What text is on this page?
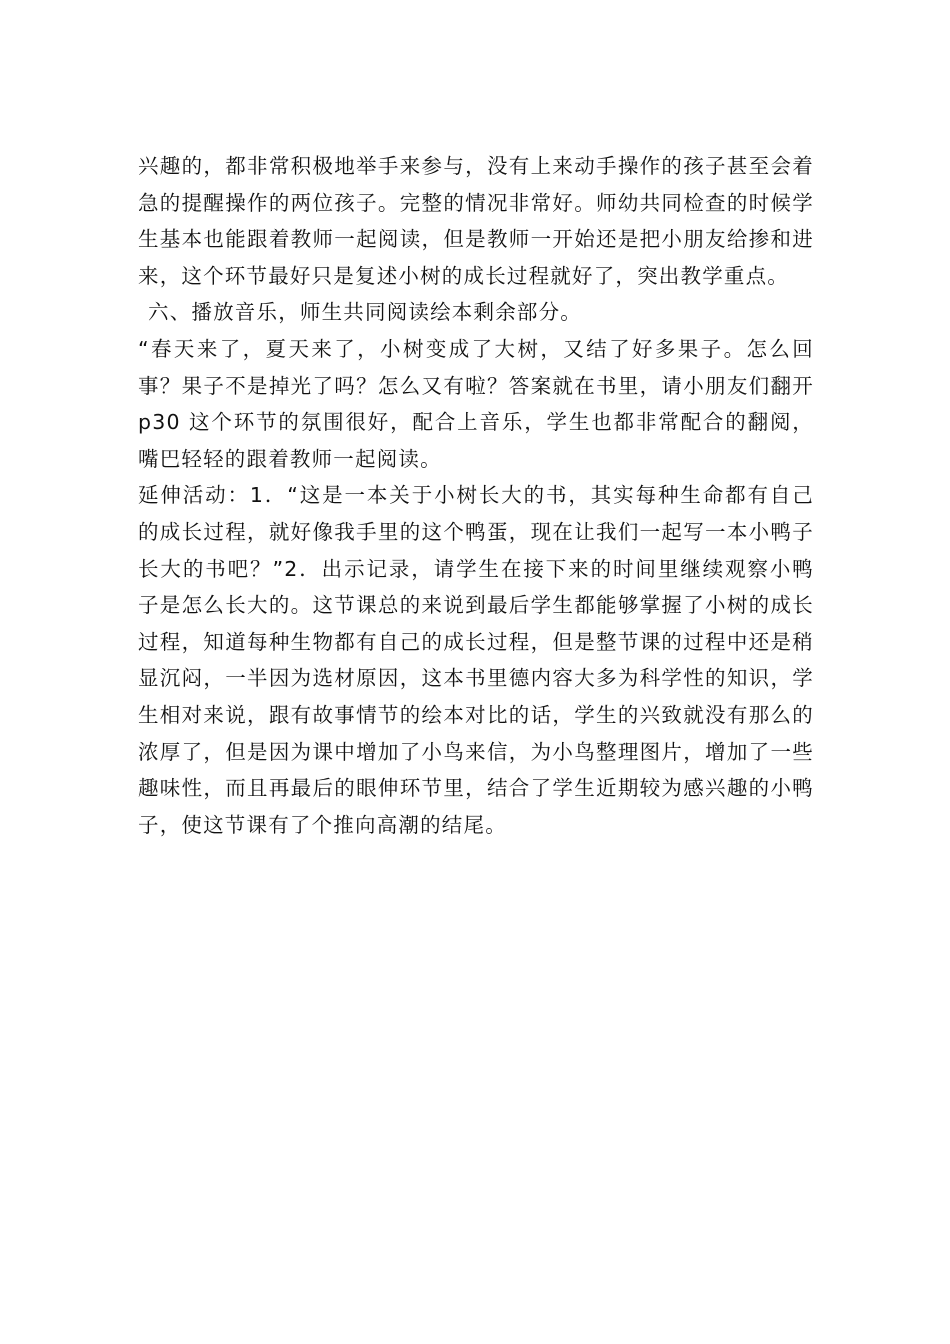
兴趣的，都非常积极地举手来参与，没有上来动手操作的孩子甚至会着急的提醒操作的两位孩子。完整的情况非常好。师幼共同检查的时候学生基本也能跟着教师一起阅读，但是教师一开始还是把小朋友给掺和进来，这个环节最好只是复述小树的成长过程就好了，突出教学重点。

六、播放音乐，师生共同阅读绘本剩余部分。

“春天来了，夏天来了，小树变成了大树，又结了好多果子。怎么回事？果子不是掉光了吗？怎么又有啦？答案就在书里，请小朋友们翻开 p30 这个环节的氛围很好，配合上音乐，学生也都非常配合的翻阅，嘴巴轻轻的跟着教师一起阅读。

延伸活动：1．“这是一本关于小树长大的书，其实每种生命都有自己的成长过程，就好像我手里的这个鸭蛋，现在让我们一起写一本小鸭子长大的书吧？”2．出示记录，请学生在接下来的时间里继续观察小鸭子是怎么长大的。这节课总的来说到最后学生都能够掌握了小树的成长过程，知道每种生物都有自己的成长过程，但是整节课的过程中还是稍显沉闷，一半因为选材原因，这本书里德内容大多为科学性的知识，学生相对来说，跟有故事情节的绘本对比的话，学生的兴致就没有那么的浓厚了，但是因为课中增加了小鸟来信，为小鸟整理图片，增加了一些趣味性，而且再最后的眼伸环节里，结合了学生近期较为感兴趣的小鸭子，使这节课有了个推向高潮的结尾。
